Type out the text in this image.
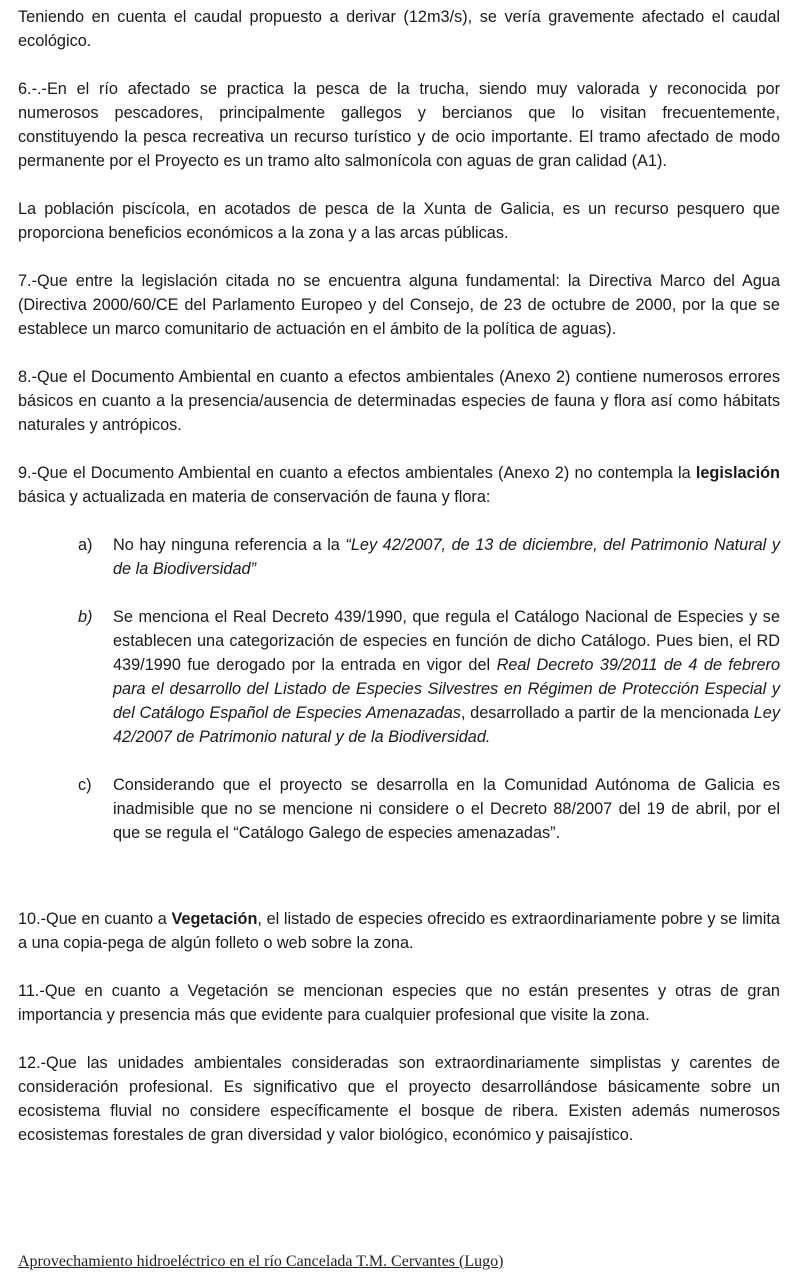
Teniendo en cuenta el caudal propuesto a derivar (12m3/s), se vería gravemente afectado el caudal ecológico.

6.-.-En el río afectado se practica la pesca de la trucha, siendo muy valorada y reconocida por numerosos pescadores, principalmente gallegos y bercianos que lo visitan frecuentemente, constituyendo la pesca recreativa un recurso turístico y de ocio importante. El tramo afectado de modo permanente por el Proyecto es un tramo alto salmonícola con aguas de gran calidad (A1).

La población piscícola, en acotados de pesca de la Xunta de Galicia, es un recurso pesquero que proporciona beneficios económicos a la zona y a las arcas públicas.

7.-Que entre la legislación citada no se encuentra alguna fundamental: la Directiva Marco del Agua (Directiva 2000/60/CE del Parlamento Europeo y del Consejo, de 23 de octubre de 2000, por la que se establece un marco comunitario de actuación en el ámbito de la política de aguas).

8.-Que el Documento Ambiental en cuanto a efectos ambientales (Anexo 2) contiene numerosos errores básicos en cuanto a la presencia/ausencia de determinadas especies de fauna y flora así como hábitats naturales y antrópicos.

9.-Que el Documento Ambiental en cuanto a efectos ambientales (Anexo 2) no contempla la legislación básica y actualizada en materia de conservación de fauna y flora:

a) No hay ninguna referencia a la “Ley 42/2007, de 13 de diciembre, del Patrimonio Natural y de la Biodiversidad”
b) Se menciona el Real Decreto 439/1990, que regula el Catálogo Nacional de Especies y se establecen una categorización de especies en función de dicho Catálogo. Pues bien, el RD 439/1990 fue derogado por la entrada en vigor del Real Decreto 39/2011 de 4 de febrero para el desarrollo del Listado de Especies Silvestres en Régimen de Protección Especial y del Catálogo Español de Especies Amenazadas, desarrollado a partir de la mencionada Ley 42/2007 de Patrimonio natural y de la Biodiversidad.
c) Considerando que el proyecto se desarrolla en la Comunidad Autónoma de Galicia es inadmisible que no se mencione ni considere o el Decreto 88/2007 del 19 de abril, por el que se regula el “Catálogo Galego de especies amenazadas”.

10.-Que en cuanto a Vegetación, el listado de especies ofrecido es extraordinariamente pobre y se limita a una copia-pega de algún folleto o web sobre la zona.

11.-Que en cuanto a Vegetación se mencionan especies que no están presentes y otras de gran importancia y presencia más que evidente para cualquier profesional que visite la zona.

12.-Que las unidades ambientales consideradas son extraordinariamente simplistas y carentes de consideración profesional. Es significativo que el proyecto desarrollándose básicamente sobre un ecosistema fluvial no considere específicamente el bosque de ribera. Existen además numerosos ecosistemas forestales de gran diversidad y valor biológico, económico y paisajístico.

Aprovechamiento hidroeléctrico en el río Cancelada T.M. Cervantes (Lugo)
